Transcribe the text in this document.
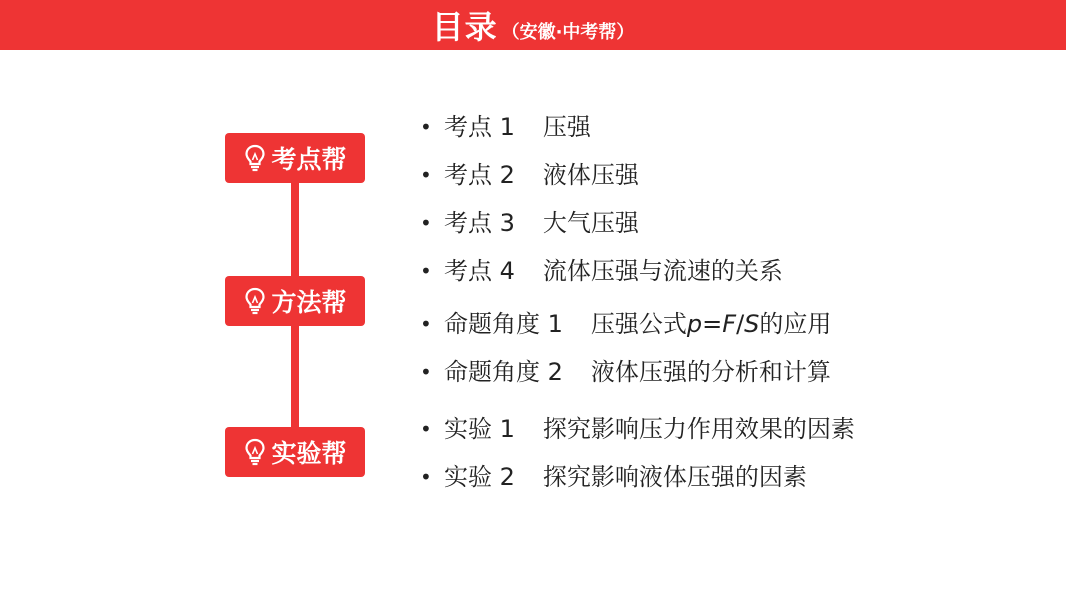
目录 （安徽·中考帮）
考点帮
方法帮
实验帮
• 考点 1 压强
• 考点 2 液体压强
• 考点 3 大气压强
• 考点 4 流体压强与流速的关系
• 命题角度 1 压强公式 p = F / S 的应用
• 命题角度 2 液体压强的分析和计算
• 实验 1 探究影响压力作用效果的因素
• 实验 2 探究影响液体压强的因素
